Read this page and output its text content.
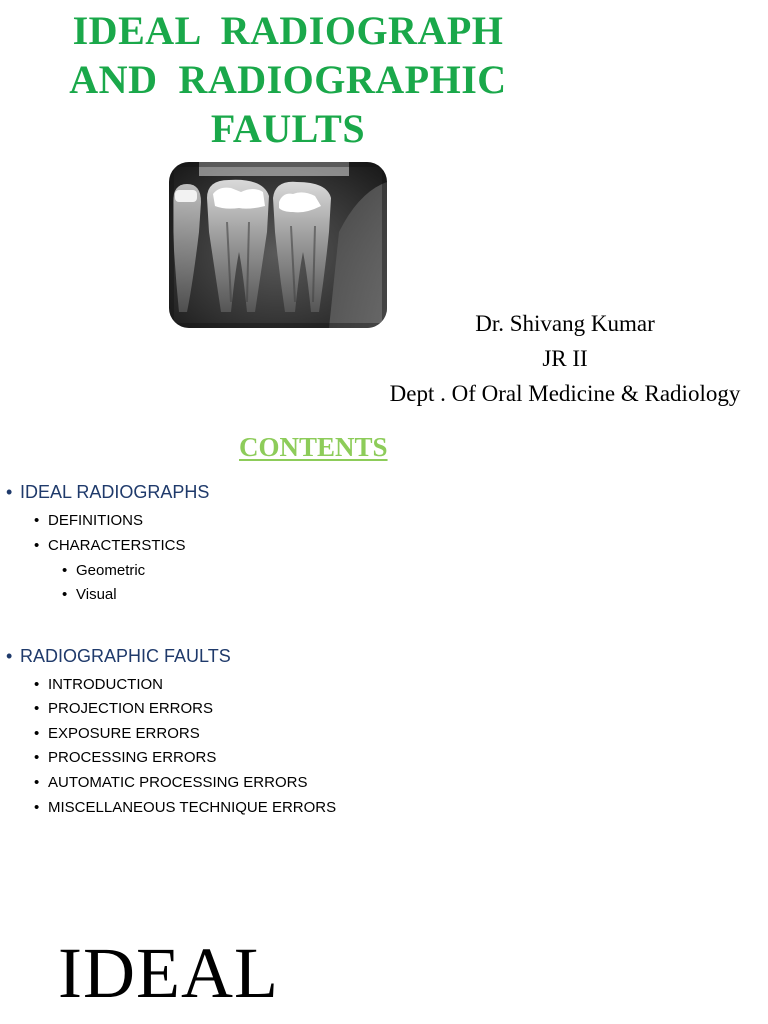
IDEAL  RADIOGRAPH
AND  RADIOGRAPHIC
FAULTS
Dr. Shivang Kumar
JR II
Dept . Of Oral Medicine & Radiology
CONTENTS
• IDEAL RADIOGRAPHS
• DEFINITIONS
• CHARACTERSTICS
• Geometric
• Visual
• RADIOGRAPHIC FAULTS
• INTRODUCTION
• PROJECTION ERRORS
• EXPOSURE ERRORS
• PROCESSING ERRORS
• AUTOMATIC PROCESSING ERRORS
• MISCELLANEOUS TECHNIQUE ERRORS
IDEAL
